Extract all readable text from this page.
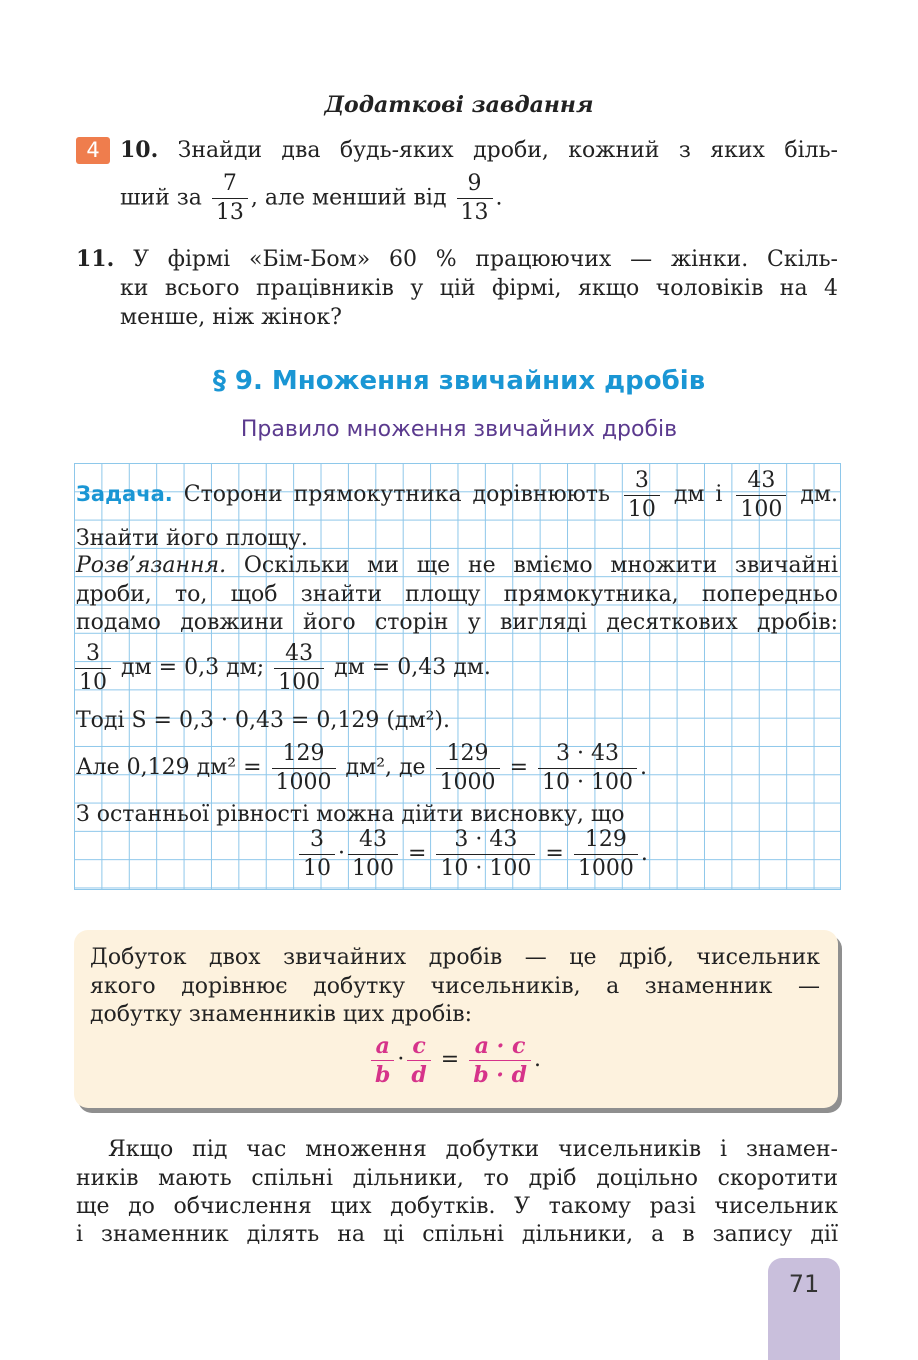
Додаткові завдання
4 10. Знайди два будь-яких дроби, кожний з яких біль-
ший за $\frac{7}{13}$ , але менший від $\frac{9}{13}$ .
11. У фірмі «Бім-Бом» 60 % працюючих — жінки. Скіль-
ки всього працівників у цій фірмі, якщо чоловіків на 4
менше, ніж жінок?
§ 9. Множення звичайних дробів
Правило множення звичайних дробів
Задача. Сторони прямокутника дорівнюють $\frac{3}{10}$ дм і $\frac{43}{100}$ дм.
Знайти його площу.
Розв’язання. Оскільки ми ще не вміємо множити звичайні
дроби, то, щоб знайти площу прямокутника, попередньо
подамо довжини його сторін у вигляді десяткових дробів:
$\frac{3}{10}$ дм = 0,3 дм; $\frac{43}{100}$ дм = 0,43 дм.
Тоді S = 0,3 · 0,43 = 0,129 (дм²).
Але 0,129 $дм^2 = \frac{129}{1000} дм^2$, де $\frac{129}{1000} = \frac{3 \cdot 43}{10 \cdot 100}$ .
З останньої рівності можна дійти висновку, що
$\frac{3}{10} \cdot \frac{43}{100} = \frac{3 \cdot 43}{10 \cdot 100} = \frac{129}{1000}$ .
Добуток двох звичайних дробів — це дріб, чисельник
якого дорівнює добутку чисельників, а знаменник —
добутку знаменників цих дробів:
$\frac{a}{b} \cdot \frac{c}{d} = \frac{a \cdot c}{b \cdot d}$ .
Якщо під час множення добутки чисельників і знамен-
ників мають спільні дільники, то дріб доцільно скоротити
ще до обчислення цих добутків. У такому разі чисельник
і знаменник ділять на ці спільні дільники, а в запису дії
71
